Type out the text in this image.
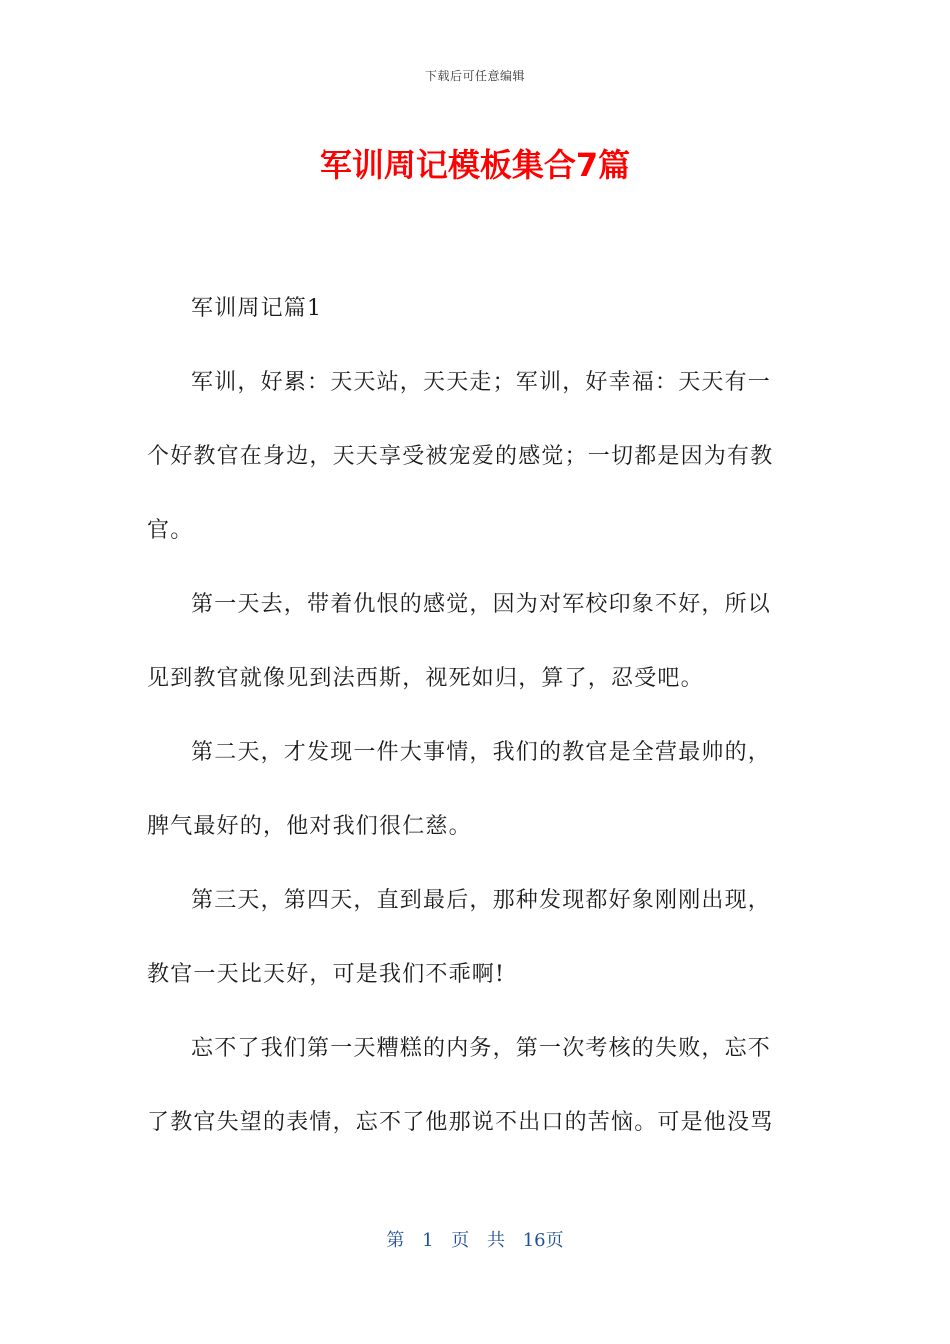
下载后可任意编辑
军训周记模板集合7篇

军训周记篇1

军训，好累：天天站，天天走；军训，好幸福：天天有一个好教官在身边，天天享受被宠爱的感觉；一切都是因为有教官。

第一天去，带着仇恨的感觉，因为对军校印象不好，所以见到教官就像见到法西斯，视死如归，算了，忍受吧。

第二天，才发现一件大事情，我们的教官是全营最帅的，脾气最好的，他对我们很仁慈。

第三天，第四天，直到最后，那种发现都好象刚刚出现，教官一天比天好，可是我们不乖啊!

忘不了我们第一天糟糕的内务，第一次考核的失败，忘不了教官失望的表情，忘不了他那说不出口的苦恼。可是他没骂

第 1 页 共 16页
